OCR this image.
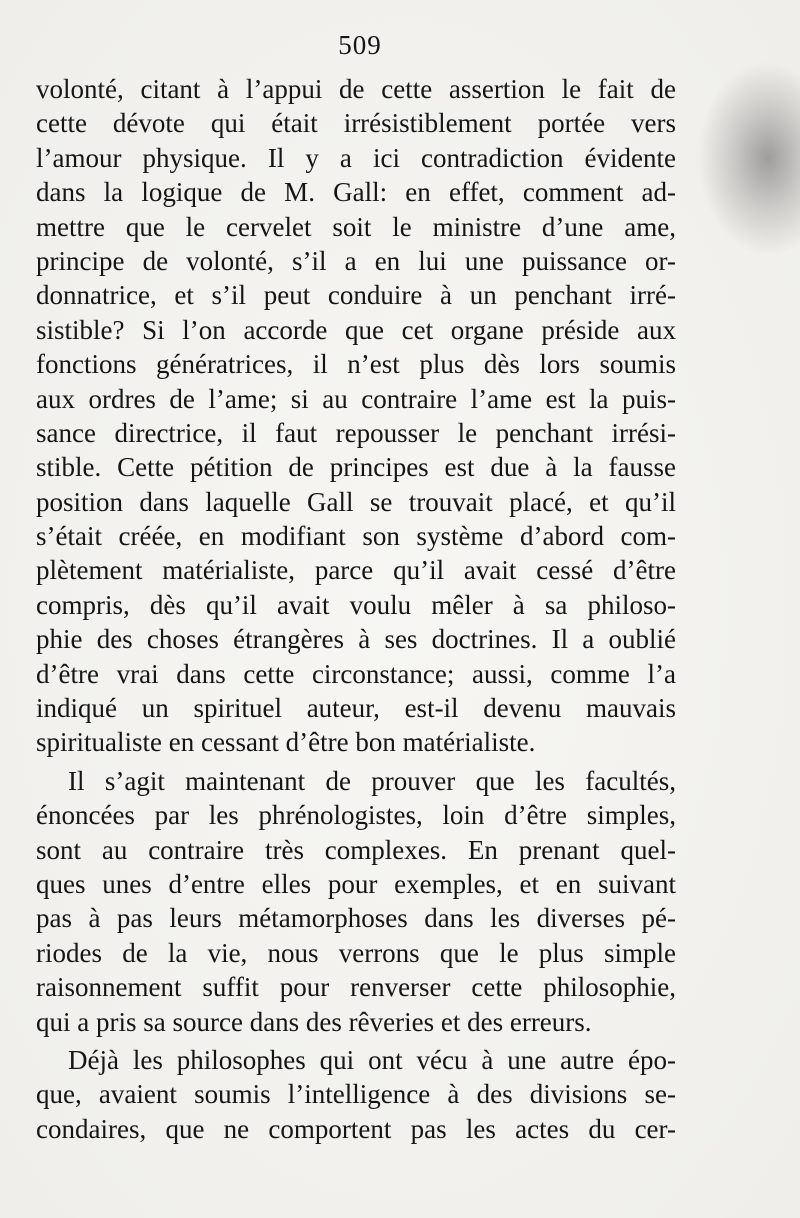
509
volonté, citant à l’appui de cette assertion le fait de
cette dévote qui était irrésistiblement portée vers
l’amour physique. Il y a ici contradiction évidente
dans la logique de M. Gall: en effet, comment ad-
mettre que le cervelet soit le ministre d’une ame,
principe de volonté, s’il a en lui une puissance or-
donnatrice, et s’il peut conduire à un penchant irré-
sistible? Si l’on accorde que cet organe préside aux
fonctions génératrices, il n’est plus dès lors soumis
aux ordres de l’ame; si au contraire l’ame est la puis-
sance directrice, il faut repousser le penchant irrési-
stible. Cette pétition de principes est due à la fausse
position dans laquelle Gall se trouvait placé, et qu’il
s’était créée, en modifiant son système d’abord com-
plètement matérialiste, parce qu’il avait cessé d’être
compris, dès qu’il avait voulu mêler à sa philoso-
phie des choses étrangères à ses doctrines. Il a oublié
d’être vrai dans cette circonstance; aussi, comme l’a
indiqué un spirituel auteur, est-il devenu mauvais
spiritualiste en cessant d’être bon matérialiste.
Il s’agit maintenant de prouver que les facultés,
énoncées par les phrénologistes, loin d’être simples,
sont au contraire très complexes. En prenant quel-
ques unes d’entre elles pour exemples, et en suivant
pas à pas leurs métamorphoses dans les diverses pé-
riodes de la vie, nous verrons que le plus simple
raisonnement suffit pour renverser cette philosophie,
qui a pris sa source dans des rêveries et des erreurs.
Déjà les philosophes qui ont vécu à une autre épo-
que, avaient soumis l’intelligence à des divisions se-
condaires, que ne comportent pas les actes du cer-
